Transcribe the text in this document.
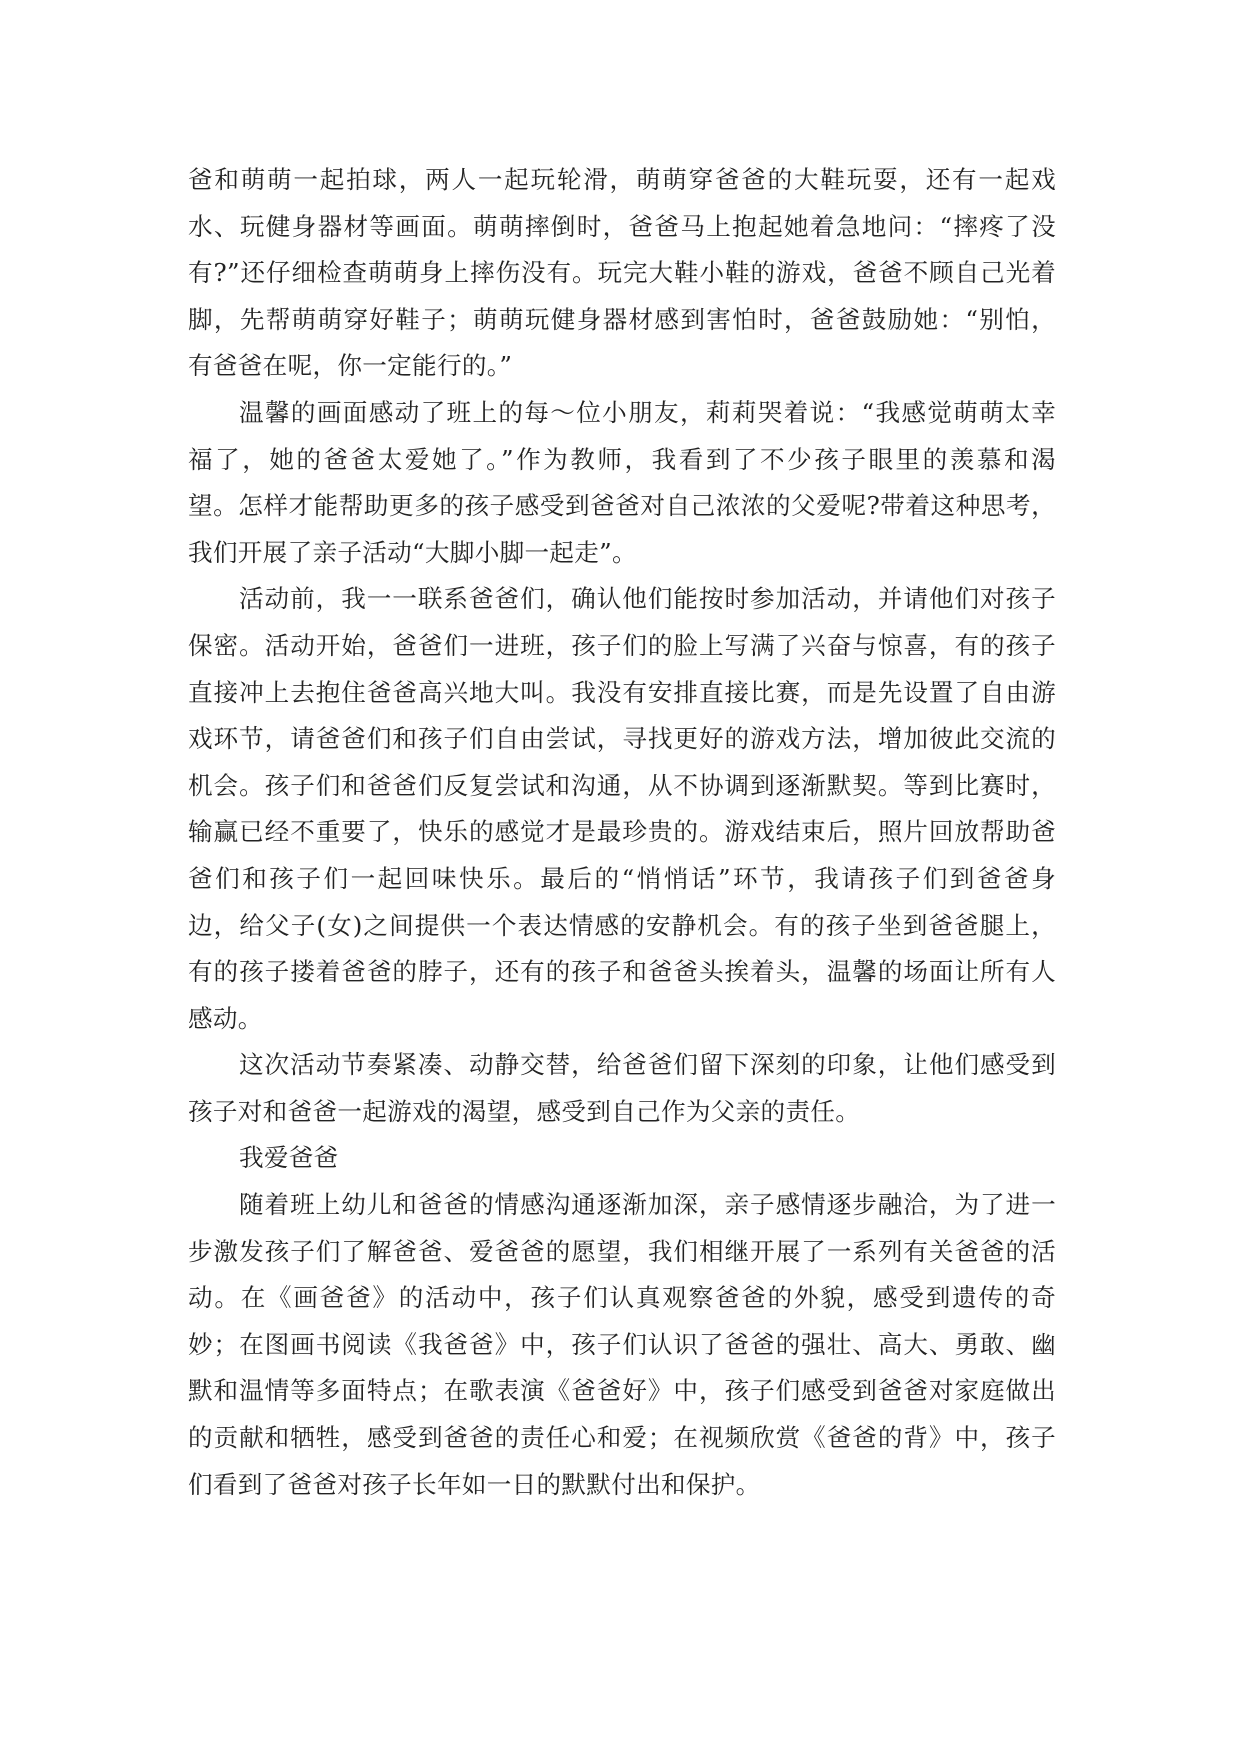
爸和萌萌一起拍球，两人一起玩轮滑，萌萌穿爸爸的大鞋玩耍，还有一起戏
水、玩健身器材等画面。萌萌摔倒时，爸爸马上抱起她着急地问：“摔疼了没
有?”还仔细检查萌萌身上摔伤没有。玩完大鞋小鞋的游戏，爸爸不顾自己光着
脚，先帮萌萌穿好鞋子；萌萌玩健身器材感到害怕时，爸爸鼓励她：“别怕，
有爸爸在呢，你一定能行的。”
温馨的画面感动了班上的每～位小朋友，莉莉哭着说：“我感觉萌萌太幸
福了，她的爸爸太爱她了。”作为教师，我看到了不少孩子眼里的羡慕和渴
望。怎样才能帮助更多的孩子感受到爸爸对自己浓浓的父爱呢?带着这种思考，
我们开展了亲子活动“大脚小脚一起走”。
活动前，我一一联系爸爸们，确认他们能按时参加活动，并请他们对孩子
保密。活动开始，爸爸们一进班，孩子们的脸上写满了兴奋与惊喜，有的孩子
直接冲上去抱住爸爸高兴地大叫。我没有安排直接比赛，而是先设置了自由游
戏环节，请爸爸们和孩子们自由尝试，寻找更好的游戏方法，增加彼此交流的
机会。孩子们和爸爸们反复尝试和沟通，从不协调到逐渐默契。等到比赛时，
输赢已经不重要了，快乐的感觉才是最珍贵的。游戏结束后，照片回放帮助爸
爸们和孩子们一起回味快乐。最后的“悄悄话”环节，我请孩子们到爸爸身
边，给父子(女)之间提供一个表达情感的安静机会。有的孩子坐到爸爸腿上，
有的孩子搂着爸爸的脖子，还有的孩子和爸爸头挨着头，温馨的场面让所有人
感动。
这次活动节奏紧凑、动静交替，给爸爸们留下深刻的印象，让他们感受到
孩子对和爸爸一起游戏的渴望，感受到自己作为父亲的责任。
我爱爸爸
随着班上幼儿和爸爸的情感沟通逐渐加深，亲子感情逐步融洽，为了进一
步激发孩子们了解爸爸、爱爸爸的愿望，我们相继开展了一系列有关爸爸的活
动。在《画爸爸》的活动中，孩子们认真观察爸爸的外貌，感受到遗传的奇
妙；在图画书阅读《我爸爸》中，孩子们认识了爸爸的强壮、高大、勇敢、幽
默和温情等多面特点；在歌表演《爸爸好》中，孩子们感受到爸爸对家庭做出
的贡献和牺牲，感受到爸爸的责任心和爱；在视频欣赏《爸爸的背》中，孩子
们看到了爸爸对孩子长年如一日的默默付出和保护。
